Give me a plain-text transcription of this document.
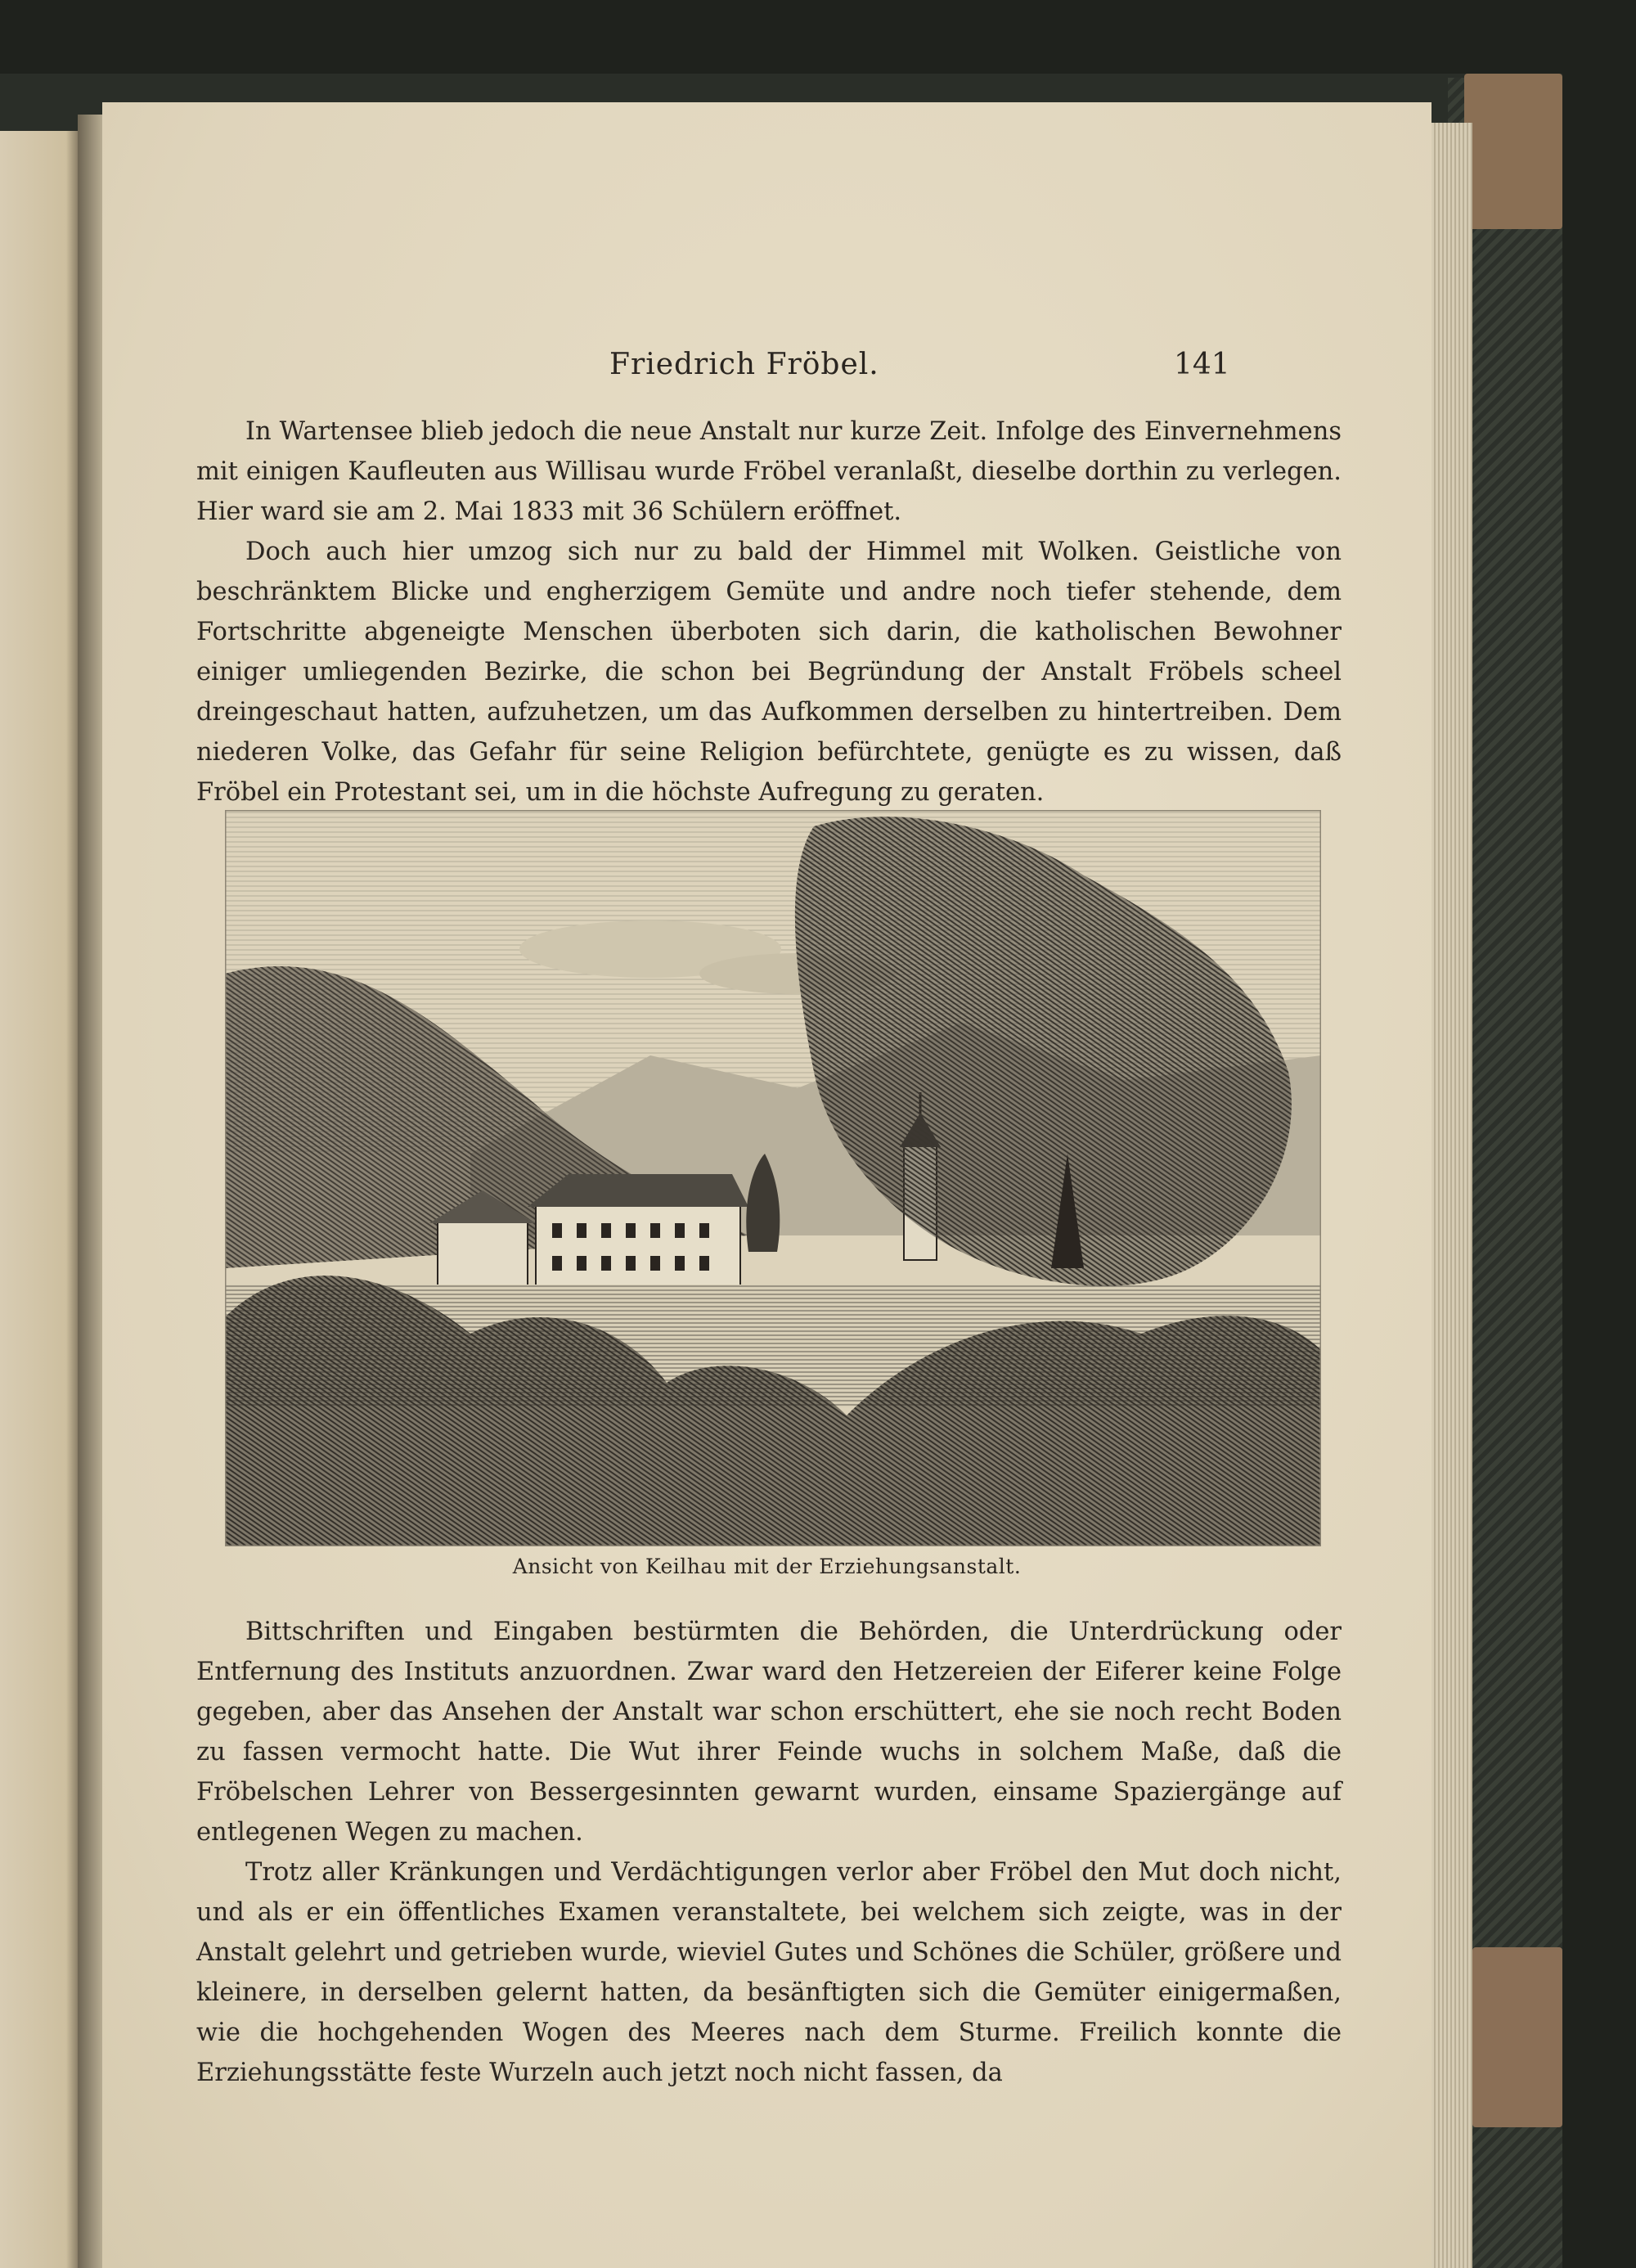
Friedrich Fröbel.	141

In Wartensee blieb jedoch die neue Anstalt nur kurze Zeit. Infolge des Einvernehmens mit einigen Kaufleuten aus Willisau wurde Fröbel veranlaßt, dieselbe dorthin zu verlegen. Hier ward sie am 2. Mai 1833 mit 36 Schülern eröffnet.

Doch auch hier umzog sich nur zu bald der Himmel mit Wolken. Geistliche von beschränktem Blicke und engherzigem Gemüte und andre noch tiefer stehende, dem Fortschritte abgeneigte Menschen überboten sich darin, die katholischen Bewohner einiger umliegenden Bezirke, die schon bei Begründung der Anstalt Fröbels scheel dreingeschaut hatten, aufzuhetzen, um das Aufkommen derselben zu hintertreiben. Dem niederen Volke, das Gefahr für seine Religion befürchtete, genügte es zu wissen, daß Fröbel ein Protestant sei, um in die höchste Aufregung zu geraten.

Ansicht von Keilhau mit der Erziehungsanstalt.

Bittschriften und Eingaben bestürmten die Behörden, die Unterdrückung oder Entfernung des Instituts anzuordnen. Zwar ward den Hetzereien der Eiferer keine Folge gegeben, aber das Ansehen der Anstalt war schon erschüttert, ehe sie noch recht Boden zu fassen vermocht hatte. Die Wut ihrer Feinde wuchs in solchem Maße, daß die Fröbelschen Lehrer von Bessergesinnten gewarnt wurden, einsame Spaziergänge auf entlegenen Wegen zu machen.

Trotz aller Kränkungen und Verdächtigungen verlor aber Fröbel den Mut doch nicht, und als er ein öffentliches Examen veranstaltete, bei welchem sich zeigte, was in der Anstalt gelehrt und getrieben wurde, wieviel Gutes und Schönes die Schüler, größere und kleinere, in derselben gelernt hatten, da besänftigten sich die Gemüter einigermaßen, wie die hochgehenden Wogen des Meeres nach dem Sturme. Freilich konnte die Erziehungsstätte feste Wurzeln auch jetzt noch nicht fassen, da
